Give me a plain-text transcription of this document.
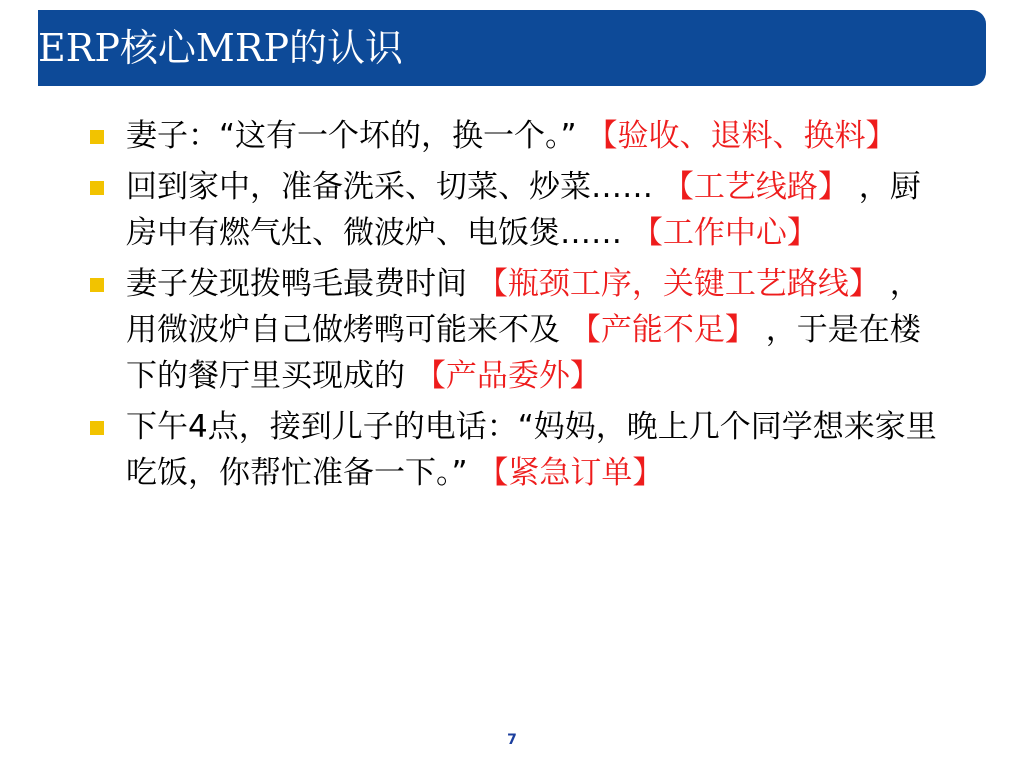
ERP核心MRP的认识
妻子：“这有一个坏的，换一个。” 【验收、退料、换料】
回到家中，准备洗采、切菜、炒菜…… 【工艺线路】 ，厨房中有燃气灶、微波炉、电饭煲…… 【工作中心】
妻子发现拨鸭毛最费时间 【瓶颈工序，关键工艺路线】 ，用微波炉自己做烤鸭可能来不及 【产能不足】 ，于是在楼下的餐厅里买现成的 【产品委外】
下午4点，接到儿子的电话：“妈妈，晚上几个同学想来家里吃饭，你帮忙准备一下。” 【紧急订单】
7
